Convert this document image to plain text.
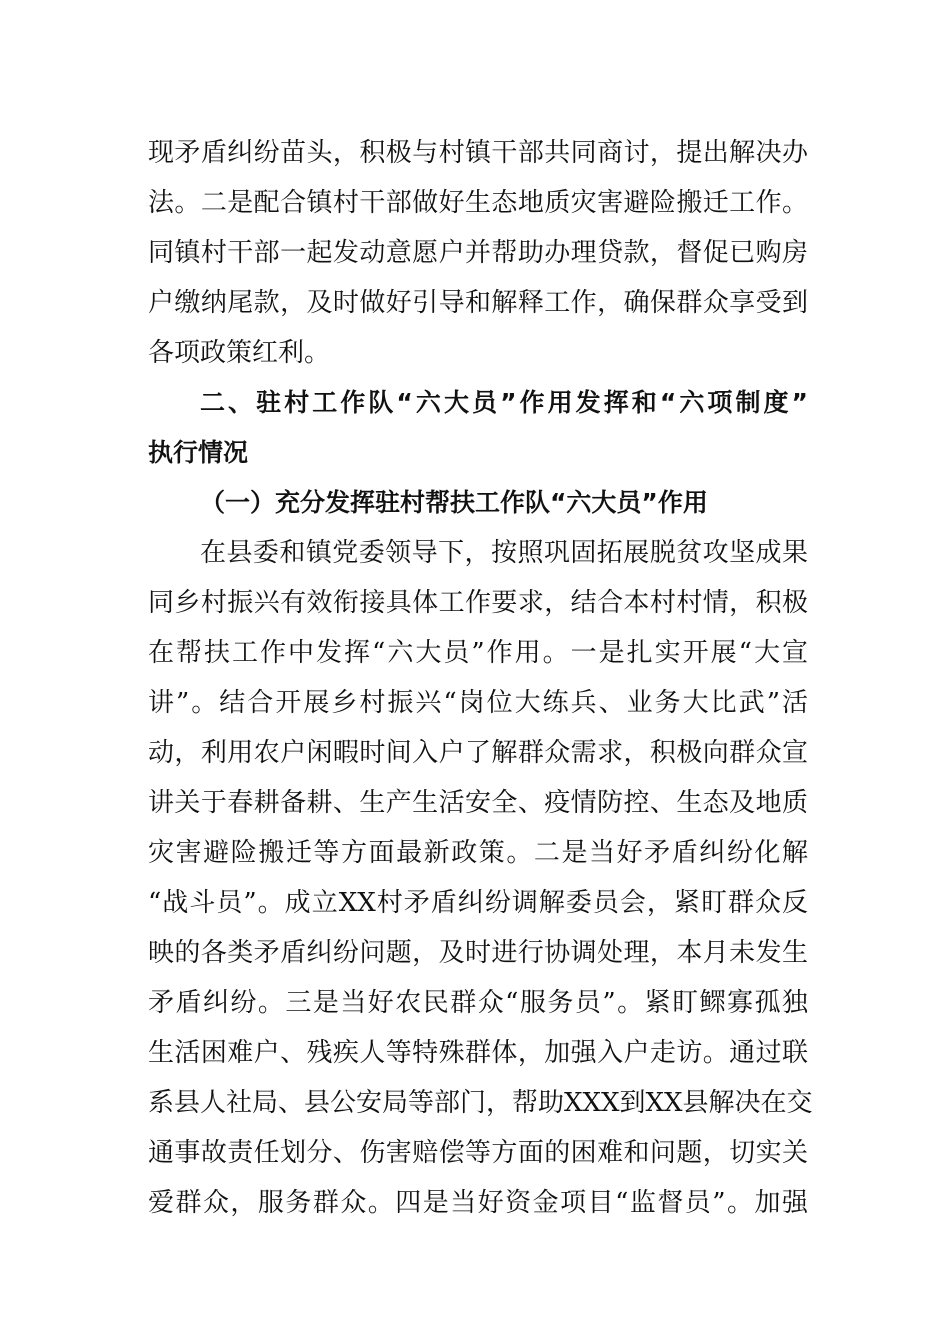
现矛盾纠纷苗头，积极与村镇干部共同商讨，提出解决办
法。二是配合镇村干部做好生态地质灾害避险搬迁工作。
同镇村干部一起发动意愿户并帮助办理贷款，督促已购房
户缴纳尾款，及时做好引导和解释工作，确保群众享受到
各项政策红利。
二、驻村工作队“六大员”作用发挥和“六项制度”
执行情况
（一）充分发挥驻村帮扶工作队“六大员”作用
在县委和镇党委领导下，按照巩固拓展脱贫攻坚成果
同乡村振兴有效衔接具体工作要求，结合本村村情，积极
在帮扶工作中发挥“六大员”作用。一是扎实开展“大宣
讲”。结合开展乡村振兴“岗位大练兵、业务大比武”活
动，利用农户闲暇时间入户了解群众需求，积极向群众宣
讲关于春耕备耕、生产生活安全、疫情防控、生态及地质
灾害避险搬迁等方面最新政策。二是当好矛盾纠纷化解
“战斗员”。成立XX村矛盾纠纷调解委员会，紧盯群众反
映的各类矛盾纠纷问题，及时进行协调处理，本月未发生
矛盾纠纷。三是当好农民群众“服务员”。紧盯鳏寡孤独
生活困难户、残疾人等特殊群体，加强入户走访。通过联
系县人社局、县公安局等部门，帮助XXX到XX县解决在交
通事故责任划分、伤害赔偿等方面的困难和问题，切实关
爱群众，服务群众。四是当好资金项目“监督员”。加强
